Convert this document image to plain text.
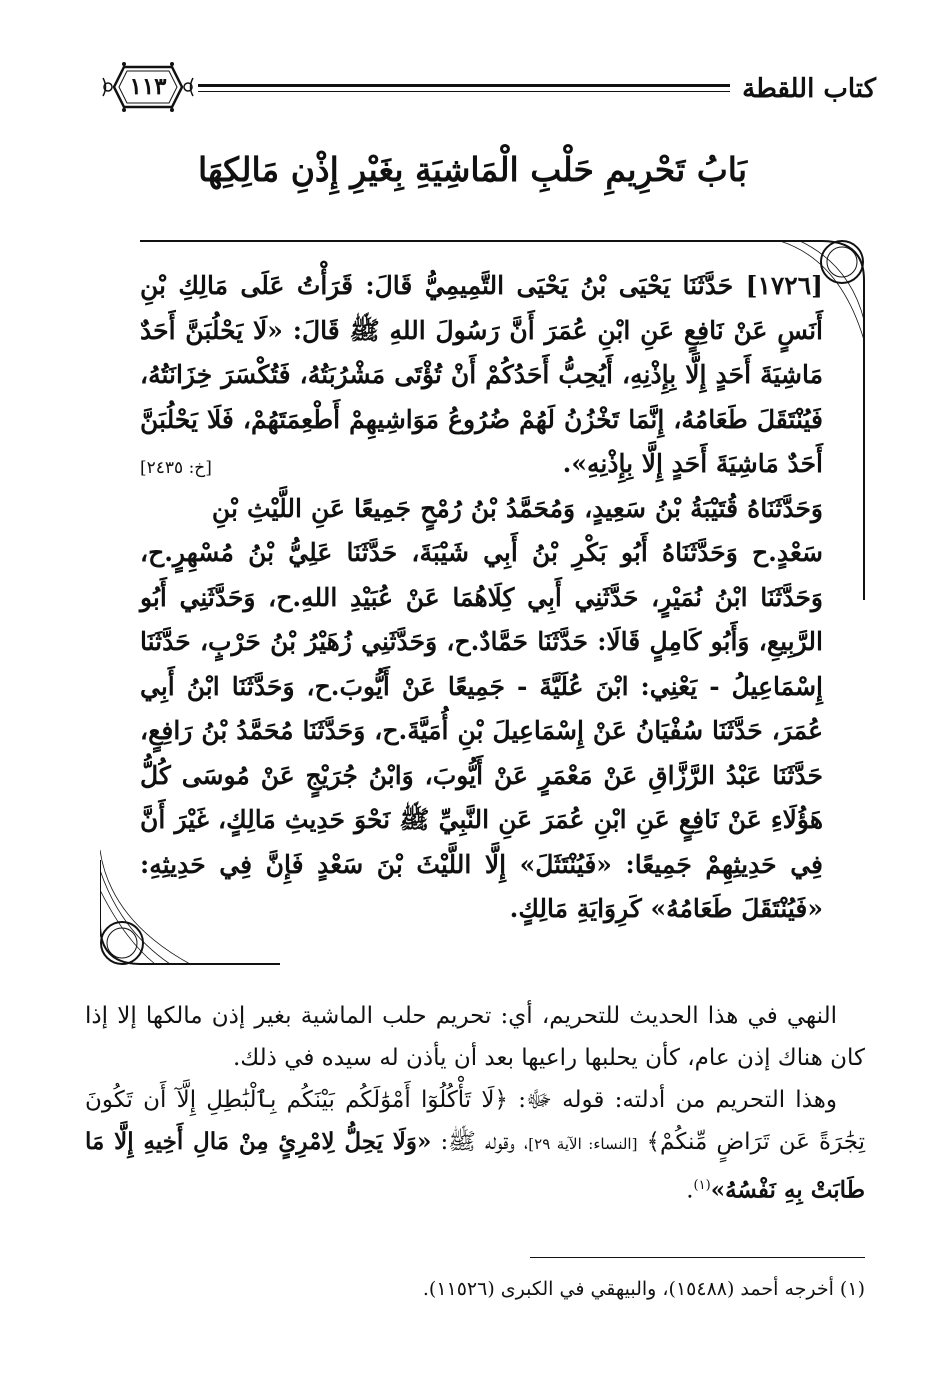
كتاب اللقطة
١١٣
بَابُ تَحْرِيمِ حَلْبِ الْمَاشِيَةِ بِغَيْرِ إِذْنِ مَالِكِهَا

[١٧٢٦] حَدَّثَنَا يَحْيَى بْنُ يَحْيَى التَّمِيمِيُّ قَالَ: قَرَأْتُ عَلَى مَالِكِ بْنِ أَنَسٍ عَنْ نَافِعٍ عَنِ ابْنِ عُمَرَ أَنَّ رَسُولَ اللهِ ﷺ قَالَ: «لَا يَحْلُبَنَّ أَحَدٌ مَاشِيَةَ أَحَدٍ إِلَّا بِإِذْنِهِ، أَيُحِبُّ أَحَدُكُمْ أَنْ تُؤْتَى مَشْرُبَتُهُ، فَتُكْسَرَ خِزَانَتُهُ، فَيُنْتَقَلَ طَعَامُهُ، إِنَّمَا تَخْزُنُ لَهُمْ ضُرُوعُ مَوَاشِيهِمْ أَطْعِمَتَهُمْ، فَلَا يَحْلُبَنَّ أَحَدٌ مَاشِيَةَ أَحَدٍ إِلَّا بِإِذْنِهِ».
[خ: ٢٤٣٥]

وَحَدَّثَنَاهُ قُتَيْبَةُ بْنُ سَعِيدٍ، وَمُحَمَّدُ بْنُ رُمْحٍ جَمِيعًا عَنِ اللَّيْثِ بْنِ سَعْدٍ.ح وَحَدَّثَنَاهُ أَبُو بَكْرِ بْنُ أَبِي شَيْبَةَ، حَدَّثَنَا عَلِيُّ بْنُ مُسْهِرٍ.ح، وَحَدَّثَنَا ابْنُ نُمَيْرٍ، حَدَّثَنِي أَبِي كِلَاهُمَا عَنْ عُبَيْدِ اللهِ.ح، وَحَدَّثَنِي أَبُو الرَّبِيعِ، وَأَبُو كَامِلٍ قَالَا: حَدَّثَنَا حَمَّادٌ.ح، وَحَدَّثَنِي زُهَيْرُ بْنُ حَرْبٍ، حَدَّثَنَا إِسْمَاعِيلُ - يَعْنِي: ابْنَ عُلَيَّةَ - جَمِيعًا عَنْ أَيُّوبَ.ح، وَحَدَّثَنَا ابْنُ أَبِي عُمَرَ، حَدَّثَنَا سُفْيَانُ عَنْ إِسْمَاعِيلَ بْنِ أُمَيَّةَ.ح، وَحَدَّثَنَا مُحَمَّدُ بْنُ رَافِعٍ، حَدَّثَنَا عَبْدُ الرَّزَّاقِ عَنْ مَعْمَرٍ عَنْ أَيُّوبَ، وَابْنُ جُرَيْجٍ عَنْ مُوسَى كُلُّ هَؤُلَاءِ عَنْ نَافِعٍ عَنِ ابْنِ عُمَرَ عَنِ النَّبِيِّ ﷺ نَحْوَ حَدِيثِ مَالِكٍ، غَيْرَ أَنَّ فِي حَدِيثِهِمْ جَمِيعًا: «فَيُنْتَثَلَ» إِلَّا اللَّيْثَ بْنَ سَعْدٍ فَإِنَّ فِي حَدِيثِهِ: «فَيُنْتَقَلَ طَعَامُهُ» كَرِوَايَةِ مَالِكٍ.

النهي في هذا الحديث للتحريم، أي: تحريم حلب الماشية بغير إذن مالكها إلا إذا كان هناك إذن عام، كأن يحلبها راعيها بعد أن يأذن له سيده في ذلك.

وهذا التحريم من أدلته: قوله ﷻ: ﴿لَا تَأْكُلُوٓا أَمْوَٰلَكُم بَيْنَكُم بِٱلْبَٰطِلِ إِلَّآ أَن تَكُونَ تِجَٰرَةً عَن تَرَاضٍ مِّنكُمْ﴾ [النساء: الآية ٢٩]، وقوله ﷺ: «وَلَا يَحِلُّ لِامْرِئٍ مِنْ مَالِ أَخِيهِ إِلَّا مَا طَابَتْ بِهِ نَفْسُهُ»$^{(١)}$.

(١) أخرجه أحمد (١٥٤٨٨)، والبيهقي في الكبرى (١١٥٢٦).
